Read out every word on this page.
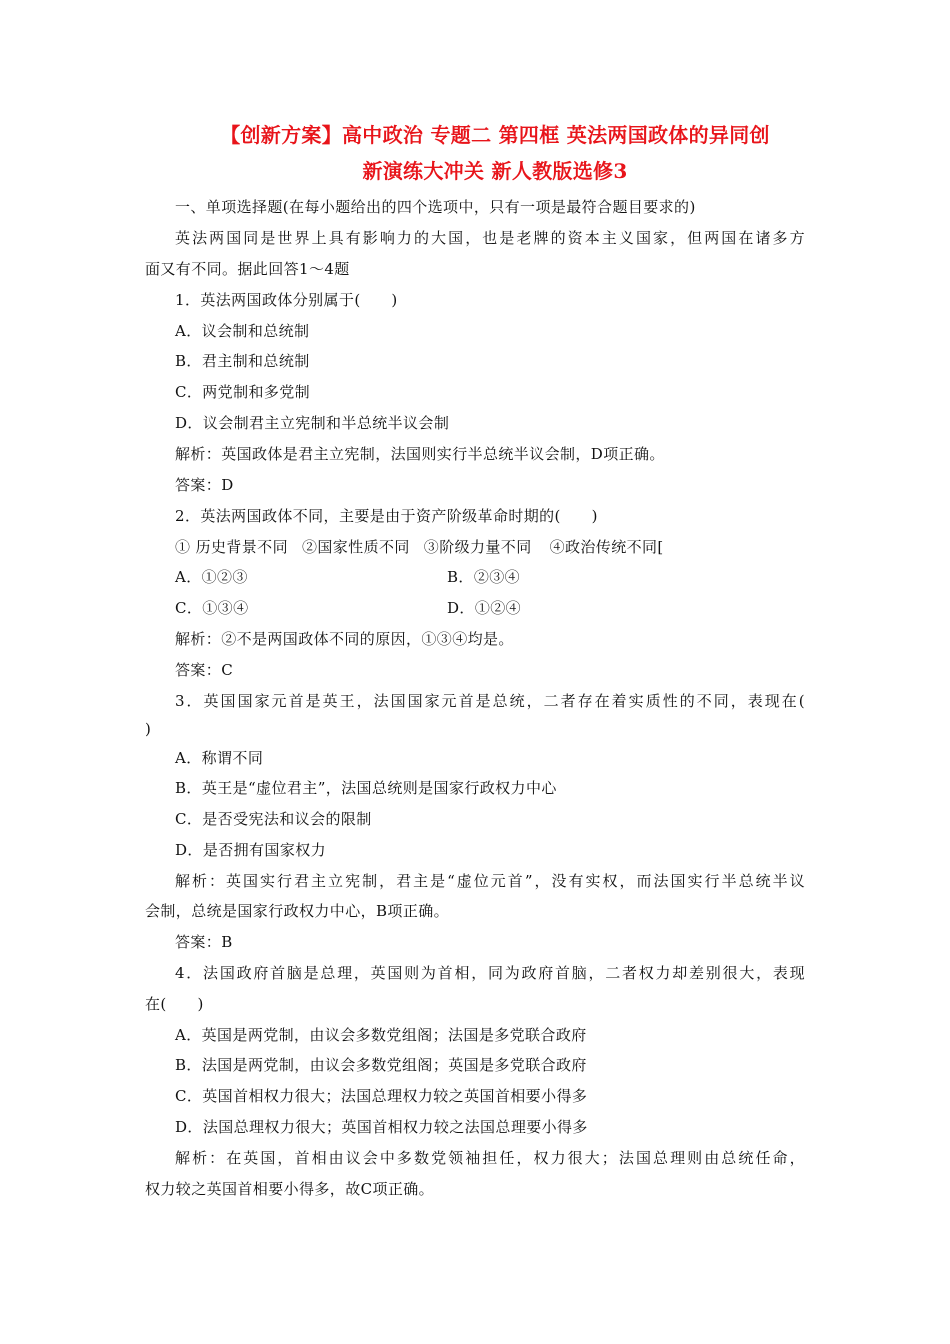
【创新方案】高中政治 专题二 第四框 英法两国政体的异同创
新演练大冲关 新人教版选修3
一、单项选择题(在每小题给出的四个选项中，只有一项是最符合题目要求的)
英法两国同是世界上具有影响力的大国，也是老牌的资本主义国家，但两国在诸多方
面又有不同。据此回答1～4题
1．英法两国政体分别属于(　　)
A．议会制和总统制
B．君主制和总统制
C．两党制和多党制
D．议会制君主立宪制和半总统半议会制
解析：英国政体是君主立宪制，法国则实行半总统半议会制，D项正确。
答案：D
2．英法两国政体不同，主要是由于资产阶级革命时期的(　　)
① 历史背景不同 ②国家性质不同 ③阶级力量不同 ④政治传统不同[
A．①②③	B．②③④
C．①③④	D．①②④
解析：②不是两国政体不同的原因，①③④均是。
答案：C
3．英国国家元首是英王，法国国家元首是总统，二者存在着实质性的不同，表现在(
)
A．称谓不同
B．英王是“虚位君主”，法国总统则是国家行政权力中心
C．是否受宪法和议会的限制
D．是否拥有国家权力
解析：英国实行君主立宪制，君主是“虚位元首”，没有实权，而法国实行半总统半议
会制，总统是国家行政权力中心，B项正确。
答案：B
4．法国政府首脑是总理，英国则为首相，同为政府首脑，二者权力却差别很大，表现
在(　　)
A．英国是两党制，由议会多数党组阁；法国是多党联合政府
B．法国是两党制，由议会多数党组阁；英国是多党联合政府
C．英国首相权力很大；法国总理权力较之英国首相要小得多
D．法国总理权力很大；英国首相权力较之法国总理要小得多
解析：在英国，首相由议会中多数党领袖担任，权力很大；法国总理则由总统任命，
权力较之英国首相要小得多，故C项正确。
